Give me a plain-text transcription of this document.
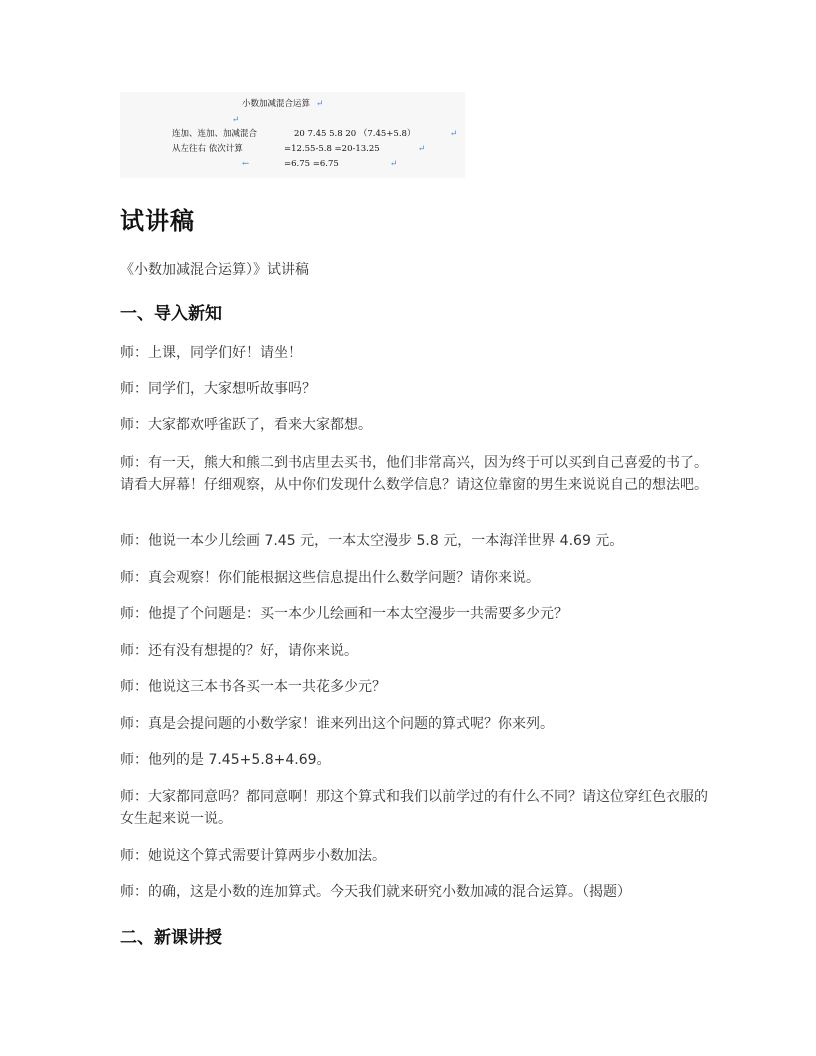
小数加减混合运算 ↵
↵
连加、连加、加减混合	20 7.45 5.8 20 （7.45+5.8）	↵
从左往右 依次计算	=12.55-5.8 =20-13.25	↵
←	=6.75 =6.75	↵
试讲稿
《小数加减混合运算）》试讲稿
一、导入新知
师：上课，同学们好！请坐！
师：同学们，大家想听故事吗？
师：大家都欢呼雀跃了，看来大家都想。
师：有一天，熊大和熊二到书店里去买书，他们非常高兴，因为终于可以买到自己喜爱的书了。请看大屏幕！仔细观察，从中你们发现什么数学信息？请这位靠窗的男生来说说自己的想法吧。
师：他说一本少儿绘画 7.45 元，一本太空漫步 5.8 元，一本海洋世界 4.69 元。
师：真会观察！你们能根据这些信息提出什么数学问题？请你来说。
师：他提了个问题是：买一本少儿绘画和一本太空漫步一共需要多少元？
师：还有没有想提的？好，请你来说。
师：他说这三本书各买一本一共花多少元？
师：真是会提问题的小数学家！谁来列出这个问题的算式呢？你来列。
师：他列的是 7.45+5.8+4.69。
师：大家都同意吗？都同意啊！那这个算式和我们以前学过的有什么不同？请这位穿红色衣服的女生起来说一说。
师：她说这个算式需要计算两步小数加法。
师：的确，这是小数的连加算式。今天我们就来研究小数加减的混合运算。（揭题）
二、新课讲授
